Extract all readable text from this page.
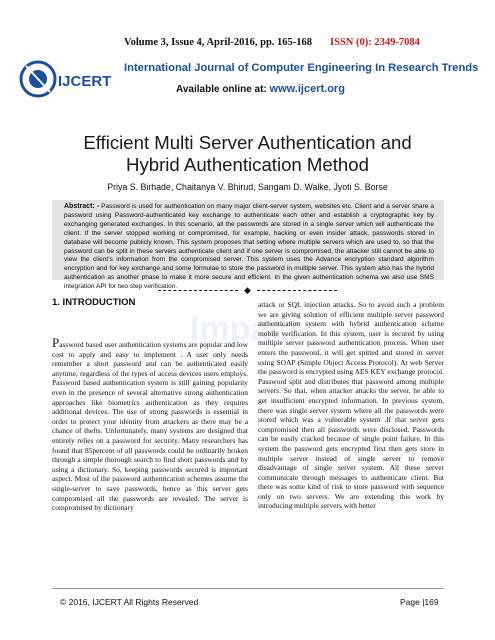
Volume 3, Issue 4, April-2016, pp. 165-168 ISSN (0): 2349-7084
IJCERT
International Journal of Computer Engineering In Research Trends
Available online at: www.ijcert.org
Efficient Multi Server Authentication and
Hybrid Authentication Method
Priya S. Birhade, Chaitanya V. Bhirud, Sangam D. Walke, Jyoti S. Borse
Abstract: - Password is used for authentication on many major client-server system, websites etc. Client and a server share a password using Password-authenticated key exchange to authenticate each other and establish a cryptographic key by exchanging generated exchanges. In this scenario, all the passwords are stored in a single server which will authenticate the client. If the server stopped working or compromised, for example, hacking or even insider attack, passwords stored in database will become publicly known. This system proposes that setting where multiple servers which are used to, so that the password can be split in these servers authenticate client and if one server is compromised, the attacker still cannot be able to view the client’s information from the compromised server. This system uses the Advance encryption standard algorithm encryption and for key exchange and some formulae to store the password in multiple server. This system also has the hybrid authentication as another phase to make it more secure and efficient. In the given authentication schema we also use SMS integration API for two step verification.	◆
Impact
1. INTRODUCTION
Password based user authentication systems are popular and low cost to apply and easy to implement . A user only needs remember a short password and can be authenticated easily anytime, regardless of the types of access devices users employs. Password based authentication system is still gaining popularity even in the presence of several alternative strong authentication approaches like biometrics authentication as they requires additional devices. The use of strong passwords is essential in order to protect your identity from attackers as there may be a chance of thefts. Unfortunately, many systems are designed that entirely relies on a password for security. Many researchers has found that 85percent of all passwords could be ordinarily broken through a simple thorough search to find short passwords and by using a dictionary. So, keeping passwords secured is important aspect. Most of the password authentication schemes assume the single-server to save passwords, hence as this server gets compromised all the passwords are revealed. The server is compromised by dictionary
attack or SQL injection attacks. So to avoid such a problem we are giving solution of efficient multiple server password authentication system with hybrid authentication scheme mobile verification. In this system, user is secured by using multiple server password authentication process. When user enters the password, it will get spitted and stored in server using SOAP (Simple Object Access Protocol). At web Server the password is encrypted using AES KEY exchange protocol. Password split and distributes that password among multiple servers. So that, when attacker attacks the server, he able to get insufficient encrypted information. In previous system, there was single server system where all the passwords were stored which was a vulnerable system .If that server gets compromised then all passwords were disclosed. Passwords can be easily cracked because of single point failure. In this system the password gets encrypted first then gets store in multiple server instead of single server to remove disadvantage of single server system. All these server communicate through messages to authenticate client. But there was some kind of risk to store password with sequence only on two servers. We are extending this work by introducing multiple servers with better
© 2016, IJCERT All Rights Reserved	Page |169
